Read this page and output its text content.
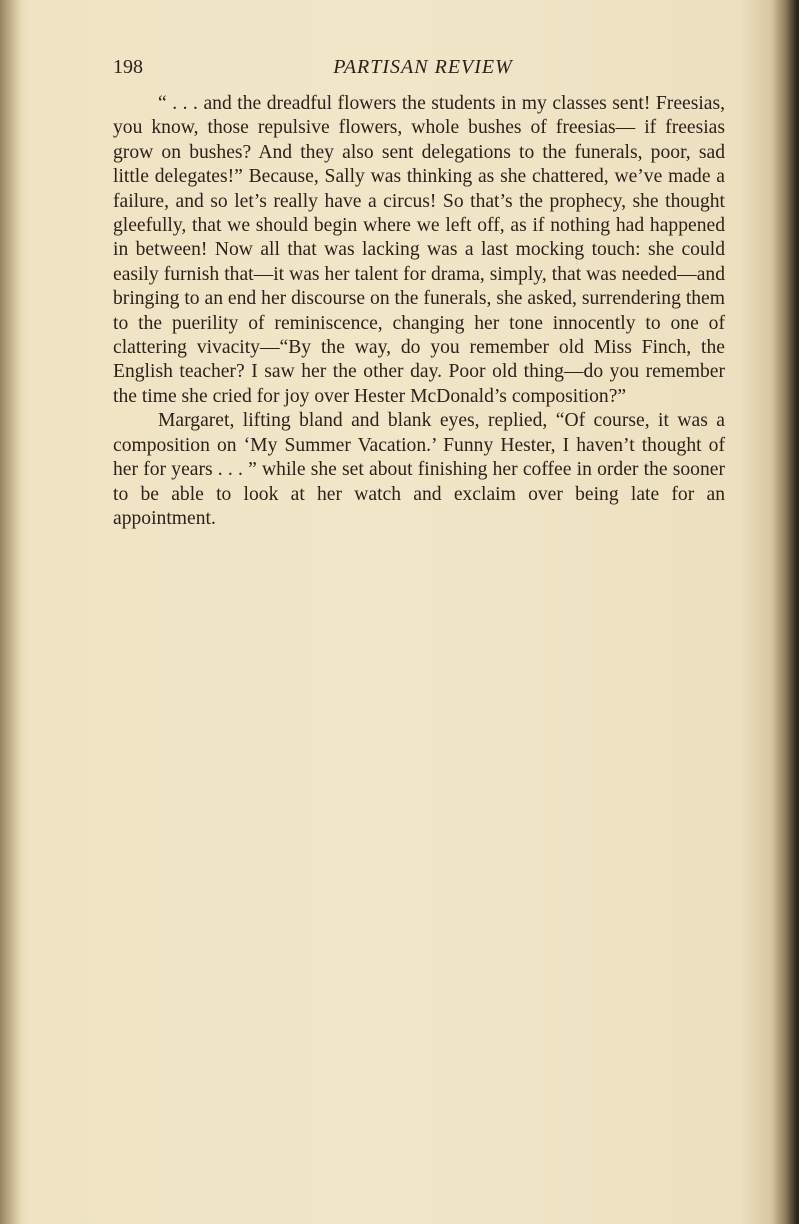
198	PARTISAN REVIEW

“ . . . and the dreadful flowers the students in my classes sent! Freesias, you know, those repulsive flowers, whole bushes of freesias— if freesias grow on bushes? And they also sent delegations to the funerals, poor, sad little delegates!” Because, Sally was thinking as she chattered, we’ve made a failure, and so let’s really have a circus! So that’s the prophecy, she thought gleefully, that we should begin where we left off, as if nothing had happened in between! Now all that was lacking was a last mocking touch: she could easily furnish that—it was her talent for drama, simply, that was needed—and bringing to an end her discourse on the funerals, she asked, surrendering them to the puerility of reminiscence, changing her tone innocently to one of clattering vivacity—“By the way, do you remember old Miss Finch, the English teacher? I saw her the other day. Poor old thing—do you remember the time she cried for joy over Hester McDonald’s composition?”

Margaret, lifting bland and blank eyes, replied, “Of course, it was a composition on ‘My Summer Vacation.’ Funny Hester, I haven’t thought of her for years . . . ” while she set about finishing her coffee in order the sooner to be able to look at her watch and exclaim over being late for an appointment.
